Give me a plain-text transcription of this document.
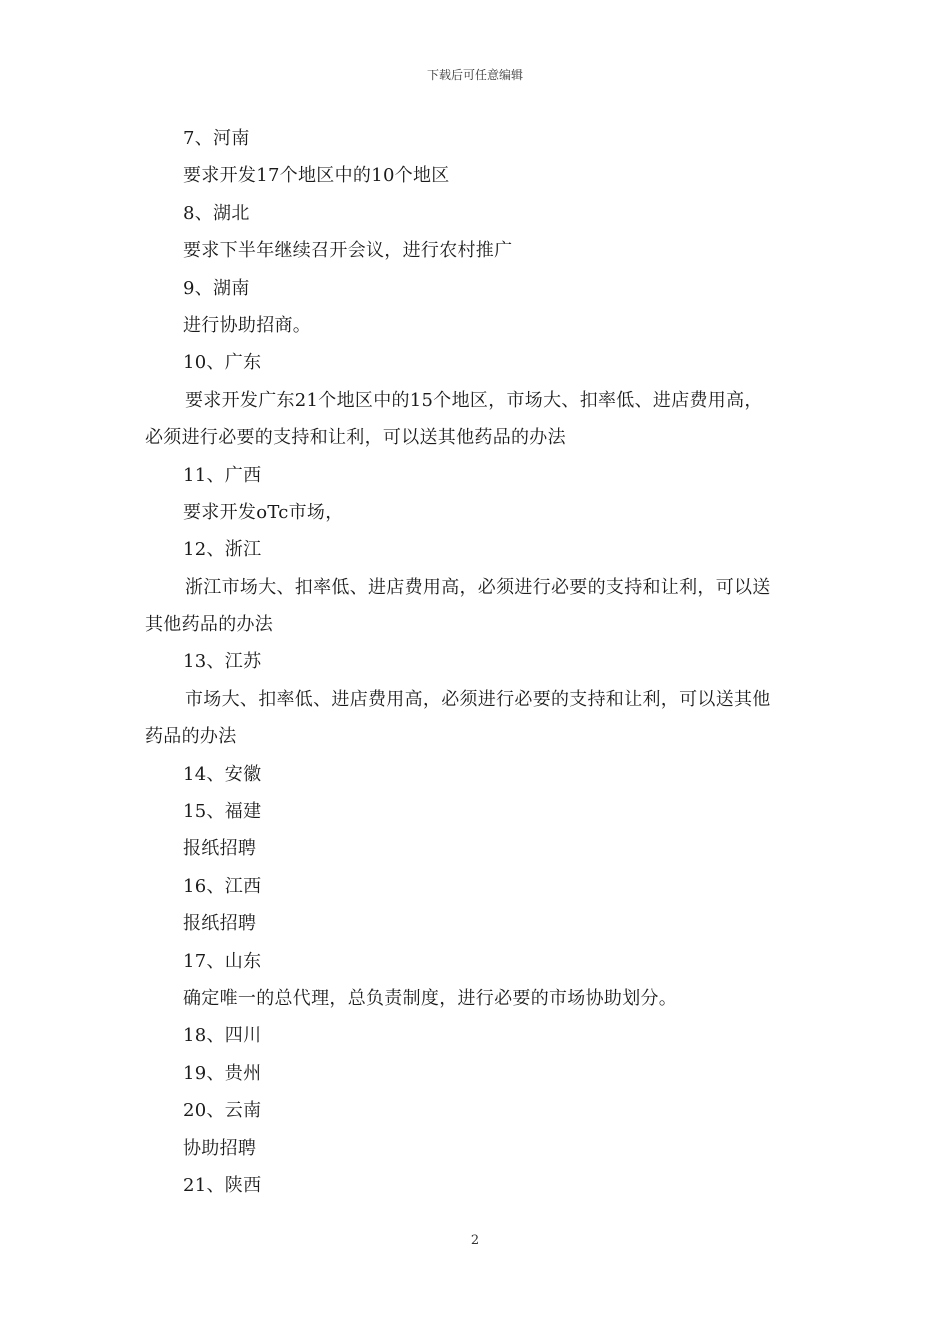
下载后可任意编辑
7、河南
要求开发17个地区中的10个地区
8、湖北
要求下半年继续召开会议，进行农村推广
9、湖南
进行协助招商。
10、广东
要求开发广东21个地区中的15个地区，市场大、扣率低、进店费用高，
必须进行必要的支持和让利，可以送其他药品的办法
11、广西
要求开发oTc市场，
12、浙江
浙江市场大、扣率低、进店费用高，必须进行必要的支持和让利，可以送
其他药品的办法
13、江苏
市场大、扣率低、进店费用高，必须进行必要的支持和让利，可以送其他
药品的办法
14、安徽
15、福建
报纸招聘
16、江西
报纸招聘
17、山东
确定唯一的总代理，总负责制度，进行必要的市场协助划分。
18、四川
19、贵州
20、云南
协助招聘
21、陕西
2
